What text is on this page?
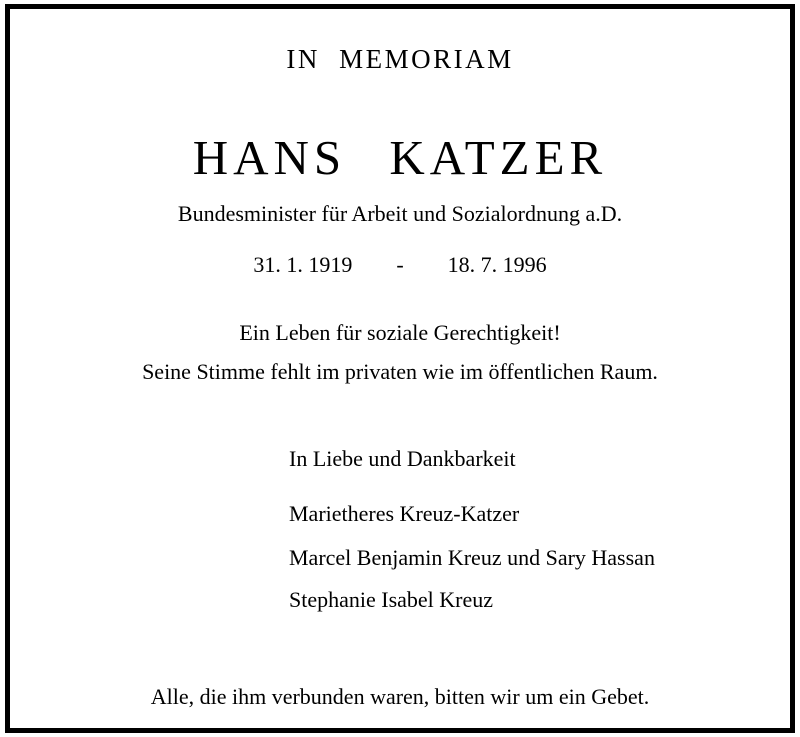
IN MEMORIAM
HANS KATZER
Bundesminister für Arbeit und Sozialordnung a.D.
31. 1. 1919 - 18. 7. 1996
Ein Leben für soziale Gerechtigkeit!
Seine Stimme fehlt im privaten wie im öffentlichen Raum.
In Liebe und Dankbarkeit
Marietheres Kreuz-Katzer
Marcel Benjamin Kreuz und Sary Hassan
Stephanie Isabel Kreuz
Alle, die ihm verbunden waren, bitten wir um ein Gebet.
